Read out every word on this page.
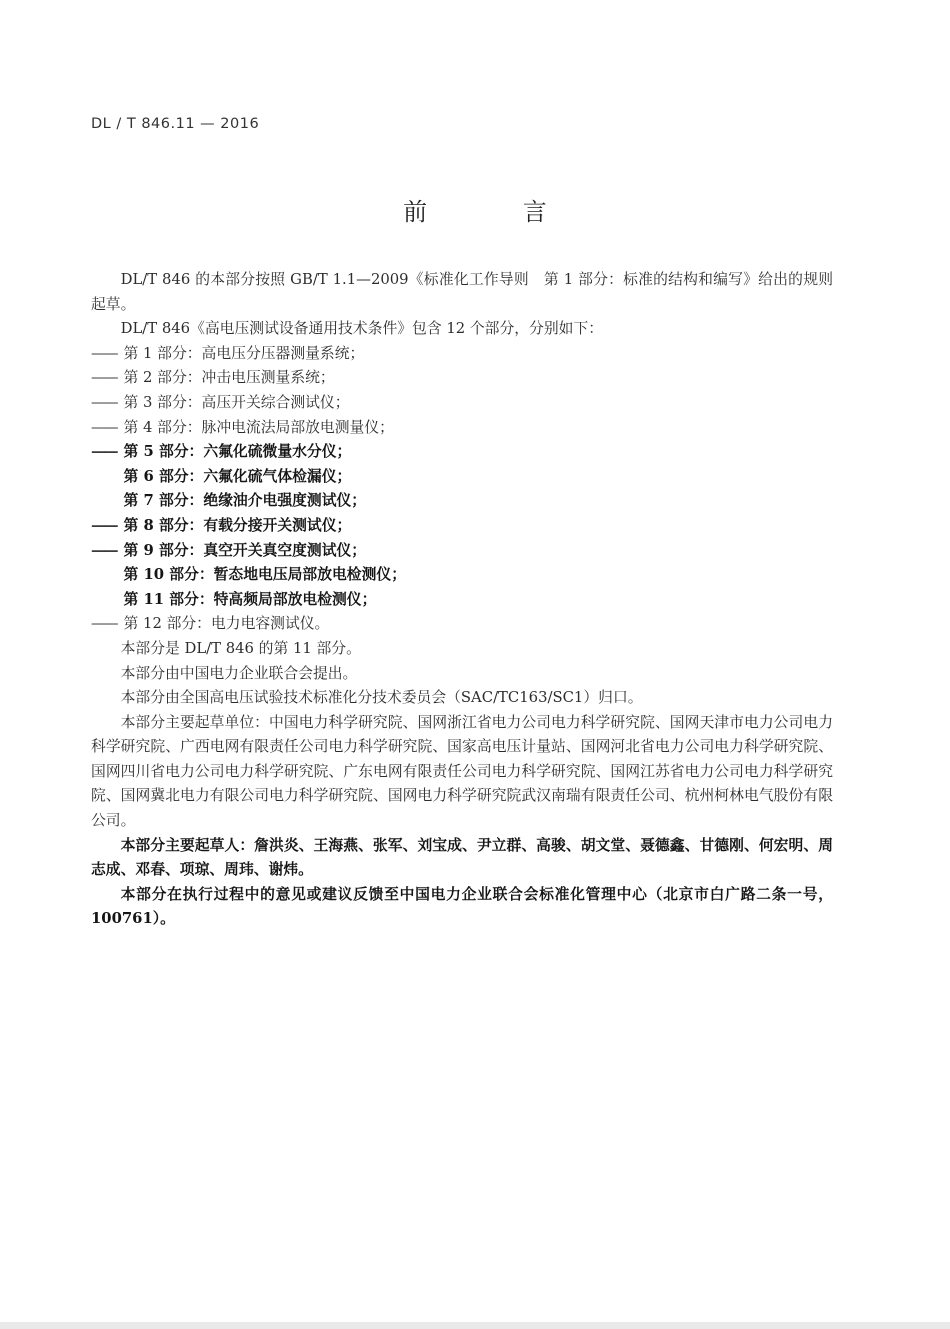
DL / T 846.11 — 2016
前 言

DL/T 846 的本部分按照 GB/T 1.1—2009《标准化工作导则　第 1 部分：标准的结构和编写》给出的规则起草。

DL/T 846《高电压测试设备通用技术条件》包含 12 个部分，分别如下：

—— 第 1 部分：高电压分压器测量系统；

—— 第 2 部分：冲击电压测量系统；

—— 第 3 部分：高压开关综合测试仪；

—— 第 4 部分：脉冲电流法局部放电测量仪；

—— 第 5 部分：六氟化硫微量水分仪；

第 6 部分：六氟化硫气体检漏仪；

第 7 部分：绝缘油介电强度测试仪；

—— 第 8 部分：有载分接开关测试仪；

—— 第 9 部分：真空开关真空度测试仪；

第 10 部分：暂态地电压局部放电检测仪；

第 11 部分：特高频局部放电检测仪；

—— 第 12 部分：电力电容测试仪。

本部分是 DL/T 846 的第 11 部分。

本部分由中国电力企业联合会提出。

本部分由全国高电压试验技术标准化分技术委员会（SAC/TC163/SC1）归口。

本部分主要起草单位：中国电力科学研究院、国网浙江省电力公司电力科学研究院、国网天津市电力公司电力科学研究院、广西电网有限责任公司电力科学研究院、国家高电压计量站、国网河北省电力公司电力科学研究院、国网四川省电力公司电力科学研究院、广东电网有限责任公司电力科学研究院、国网江苏省电力公司电力科学研究院、国网冀北电力有限公司电力科学研究院、国网电力科学研究院武汉南瑞有限责任公司、杭州柯林电气股份有限公司。

本部分主要起草人：詹洪炎、王海燕、张军、刘宝成、尹立群、高骏、胡文堂、聂德鑫、甘德刚、何宏明、周志成、邓春、项琼、周玮、谢炜。

本部分在执行过程中的意见或建议反馈至中国电力企业联合会标准化管理中心（北京市白广路二条一号，100761）。
